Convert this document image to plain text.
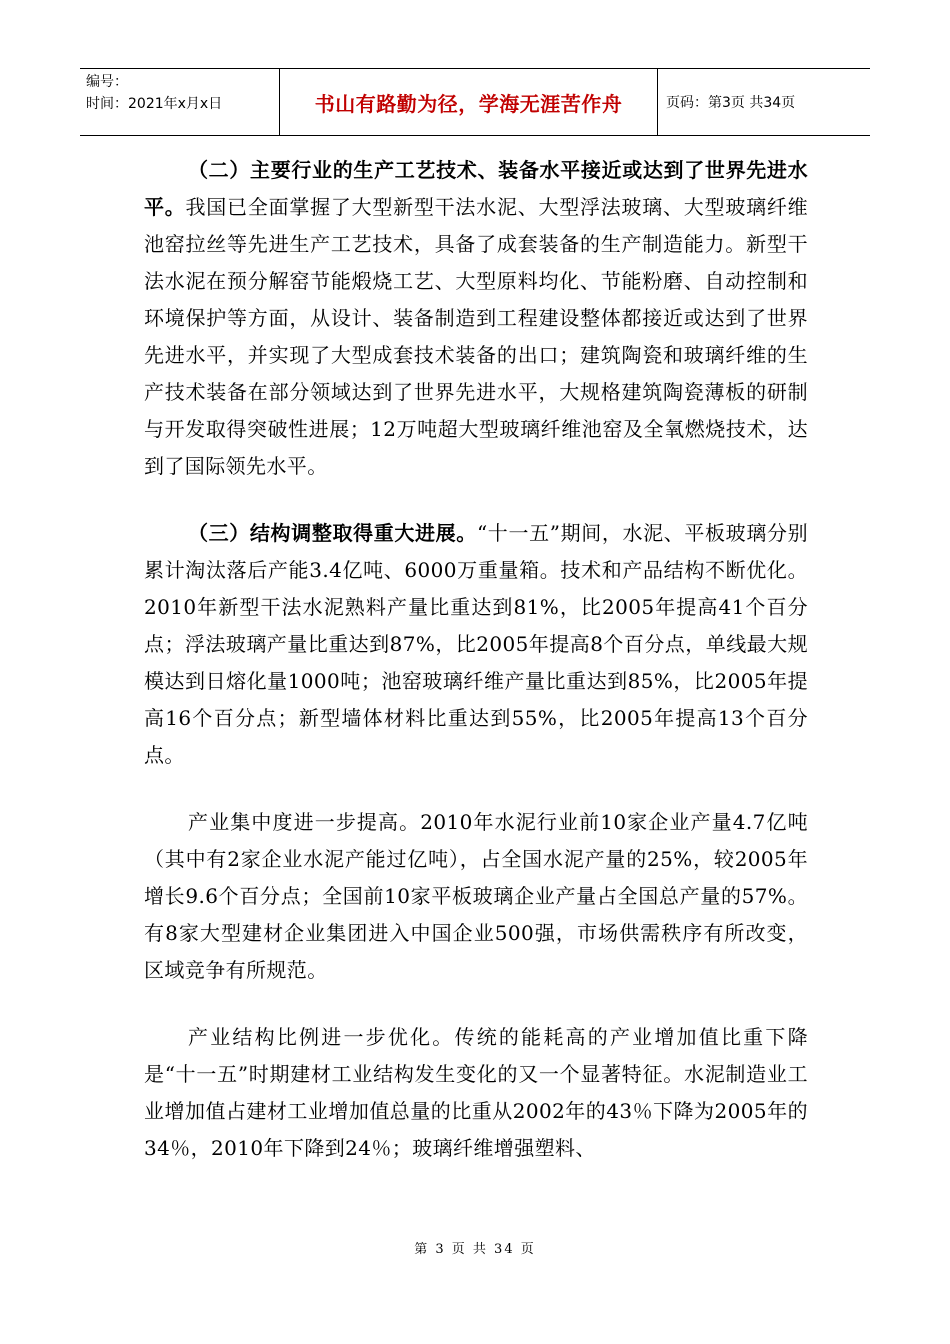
编号：
时间：2021年x月x日	书山有路勤为径，学海无涯苦作舟	页码：第3页 共34页

（二）主要行业的生产工艺技术、装备水平接近或达到了世界先进水平。我国已全面掌握了大型新型干法水泥、大型浮法玻璃、大型玻璃纤维池窑拉丝等先进生产工艺技术，具备了成套装备的生产制造能力。新型干法水泥在预分解窑节能煅烧工艺、大型原料均化、节能粉磨、自动控制和环境保护等方面，从设计、装备制造到工程建设整体都接近或达到了世界先进水平，并实现了大型成套技术装备的出口；建筑陶瓷和玻璃纤维的生产技术装备在部分领域达到了世界先进水平，大规格建筑陶瓷薄板的研制与开发取得突破性进展；12万吨超大型玻璃纤维池窑及全氧燃烧技术，达到了国际领先水平。

（三）结构调整取得重大进展。“十一五”期间，水泥、平板玻璃分别累计淘汰落后产能3.4亿吨、6000万重量箱。技术和产品结构不断优化。2010年新型干法水泥熟料产量比重达到81%，比2005年提高41个百分点；浮法玻璃产量比重达到87%，比2005年提高8个百分点，单线最大规模达到日熔化量1000吨；池窑玻璃纤维产量比重达到85%，比2005年提高16个百分点；新型墙体材料比重达到55%，比2005年提高13个百分点。

产业集中度进一步提高。2010年水泥行业前10家企业产量4.7亿吨（其中有2家企业水泥产能过亿吨），占全国水泥产量的25%，较2005年增长9.6个百分点；全国前10家平板玻璃企业产量占全国总产量的57%。有8家大型建材企业集团进入中国企业500强，市场供需秩序有所改变，区域竞争有所规范。

产业结构比例进一步优化。传统的能耗高的产业增加值比重下降是“十一五”时期建材工业结构发生变化的又一个显著特征。水泥制造业工业增加值占建材工业增加值总量的比重从2002年的43％下降为2005年的34％，2010年下降到24％；玻璃纤维增强塑料、

第 3 页 共 34 页
